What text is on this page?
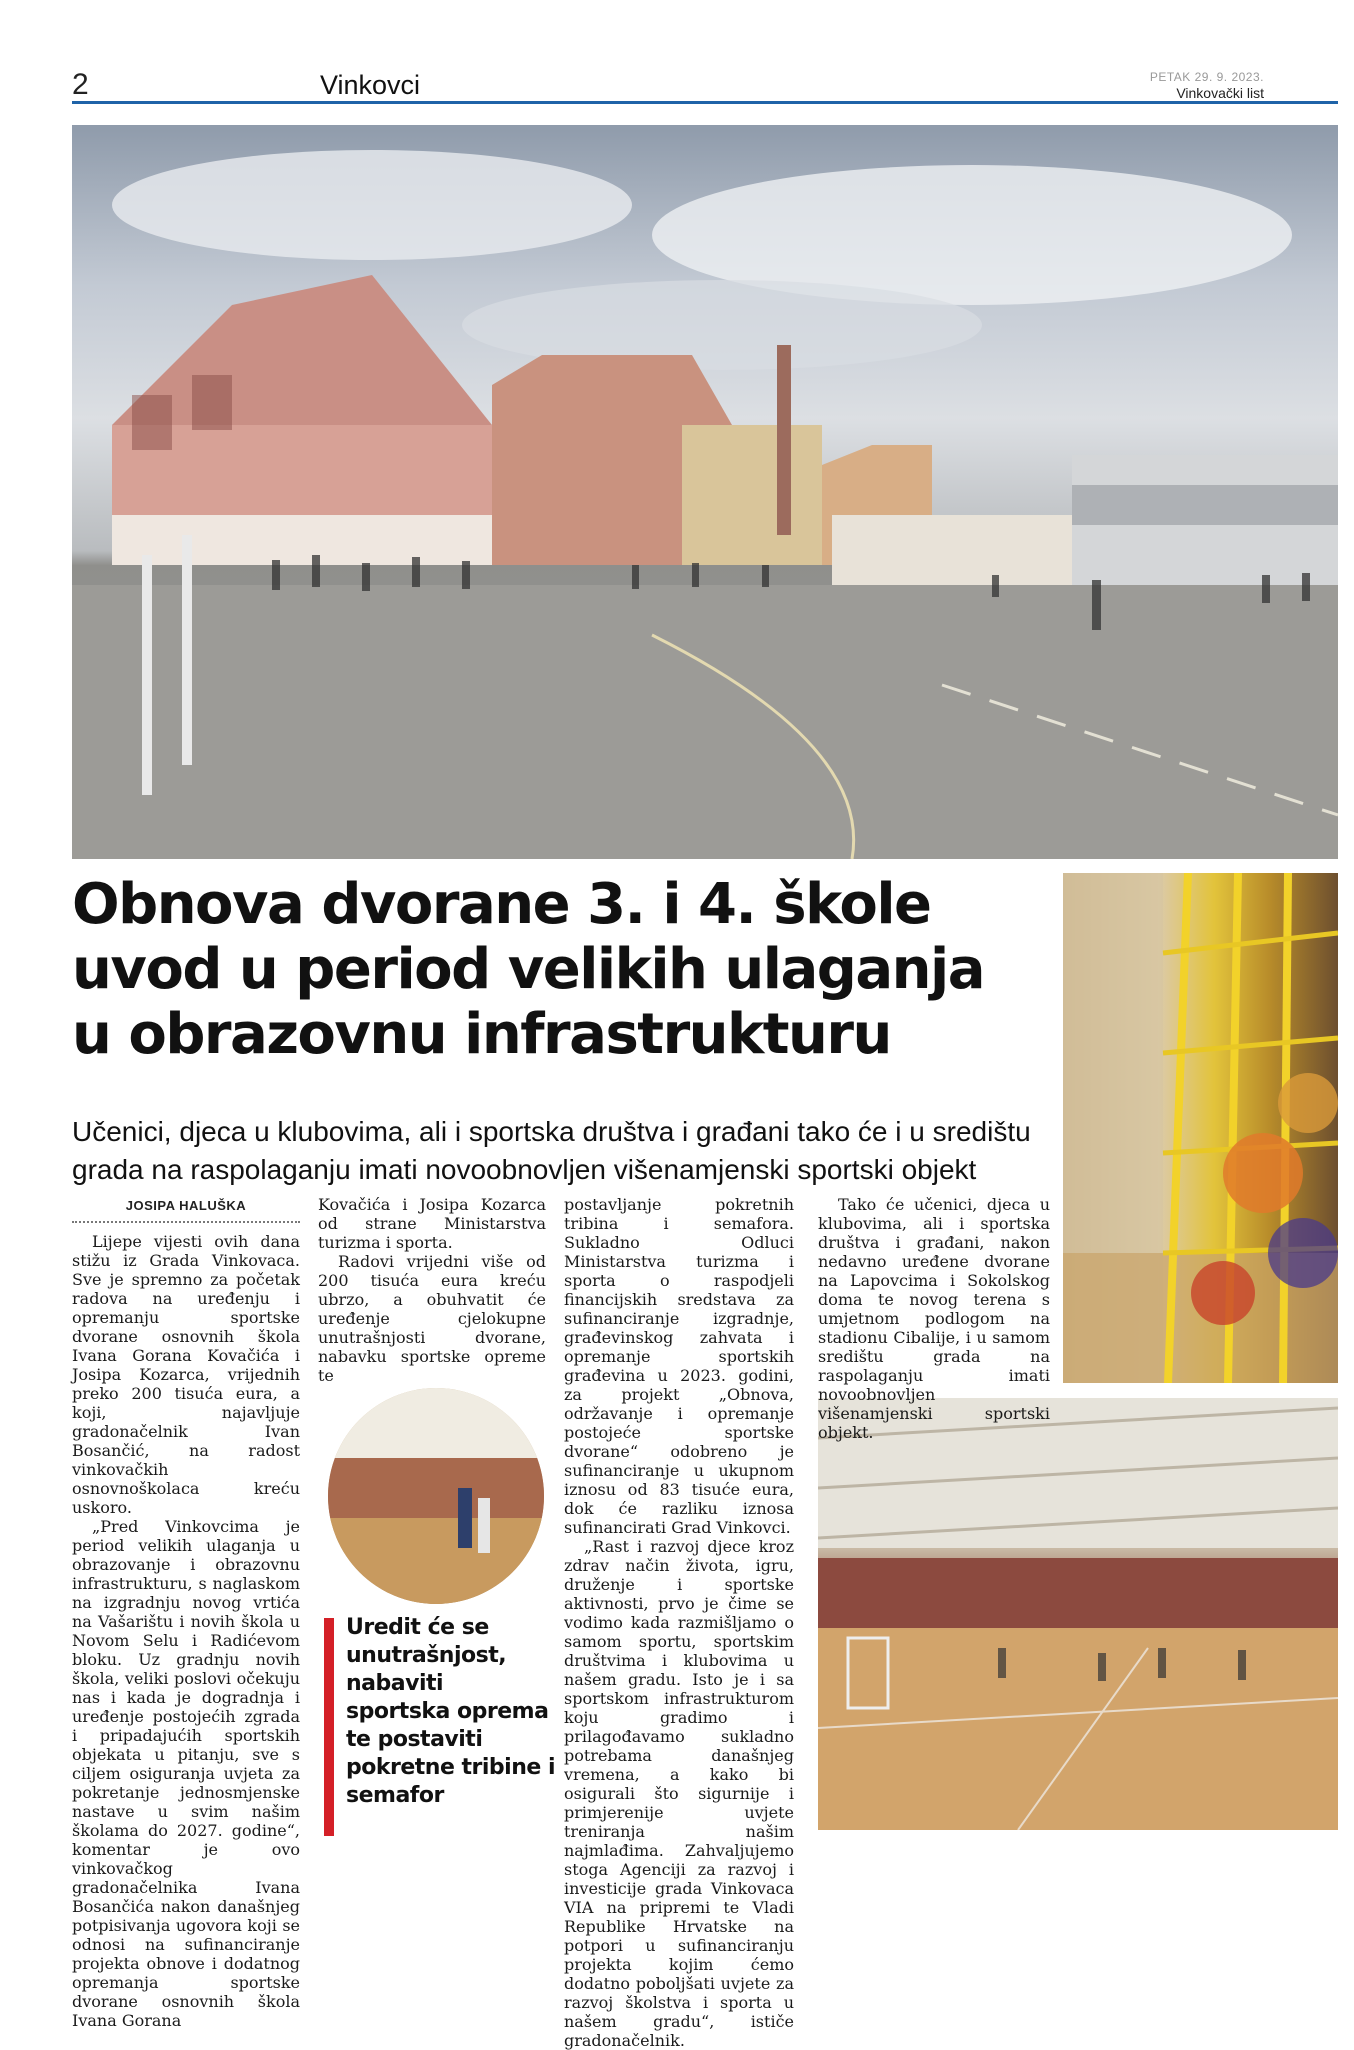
2	Vinkovci	PETAK 29. 9. 2023.
Vinkovački list
Obnova dvorane 3. i 4. škole
uvod u period velikih ulaganja
u obrazovnu infrastrukturu
Učenici, djeca u klubovima, ali i sportska društva i građani tako će i u središtu
grada na raspolaganju imati novoobnovljen višenamjenski sportski objekt
JOSIPA HALUŠKA

Lijepe vijesti ovih dana stižu iz Grada Vinkovaca. Sve je spremno za početak radova na uređenju i opremanju sportske dvorane osnovnih škola Ivana Gorana Kovačića i Josipa Kozarca, vrijednih preko 200 tisuća eura, a koji, najavljuje gradonačelnik Ivan Bosančić, na radost vinkovačkih osnovnoškolaca kreću uskoro.

„Pred Vinkovcima je period velikih ulaganja u obrazovanje i obrazovnu infrastrukturu, s naglaskom na izgradnju novog vrtića na Vašarištu i novih škola u Novom Selu i Radićevom bloku. Uz gradnju novih škola, veliki poslovi očekuju nas i kada je dogradnja i uređenje postojećih zgrada i pripadajućih sportskih objekata u pitanju, sve s ciljem osiguranja uvjeta za pokretanje jednosmjenske nastave u svim našim školama do 2027. godine“, komentar je ovo vinkovačkog gradonačelnika Ivana Bosančića nakon današnjeg potpisivanja ugovora koji se odnosi na sufinanciranje projekta obnove i dodatnog opremanja sportske dvorane osnovnih škola Ivana Gorana

Kovačića i Josipa Kozarca od strane Ministarstva turizma i sporta.

Radovi vrijedni više od 200 tisuća eura kreću ubrzo, a obuhvatit će uređenje cjelokupne unutrašnjosti dvorane, nabavku sportske opreme te

postavljanje pokretnih tribina i semafora. Sukladno Odluci Ministarstva turizma i sporta o raspodjeli financijskih sredstava za sufinanciranje izgradnje, građevinskog zahvata i opremanje sportskih građevina u 2023. godini, za projekt „Obnova, održavanje i opremanje postojeće sportske dvorane“ odobreno je sufinanciranje u ukupnom iznosu od 83 tisuće eura, dok će razliku iznosa sufinancirati Grad Vinkovci.

„Rast i razvoj djece kroz zdrav način života, igru, druženje i sportske aktivnosti, prvo je čime se vodimo kada razmišljamo o samom sportu, sportskim društvima i klubovima u našem gradu. Isto je i sa sportskom infrastrukturom koju gradimo i prilagođavamo sukladno potrebama današnjeg vremena, a kako bi osigurali što sigurnije i primjerenije uvjete treniranja našim najmlađima. Zahvaljujemo stoga Agenciji za razvoj i investicije grada Vinkovaca VIA na pripremi te Vladi Republike Hrvatske na potpori u sufinanciranju projekta kojim ćemo dodatno poboljšati uvjete za razvoj školstva i sporta u našem gradu“, ističe gradonačelnik.

Tako će učenici, djeca u klubovima, ali i sportska društva i građani, nakon nedavno uređene dvorane na Lapovcima i Sokolskog doma te novog terena s umjetnom podlogom na stadionu Cibalije, i u samom središtu grada na raspolaganju imati novoobnovljen višenamjenski sportski objekt.

Uredit će se
unutrašnjost,
nabaviti
sportska oprema
te postaviti
pokretne tribine i
semafor
